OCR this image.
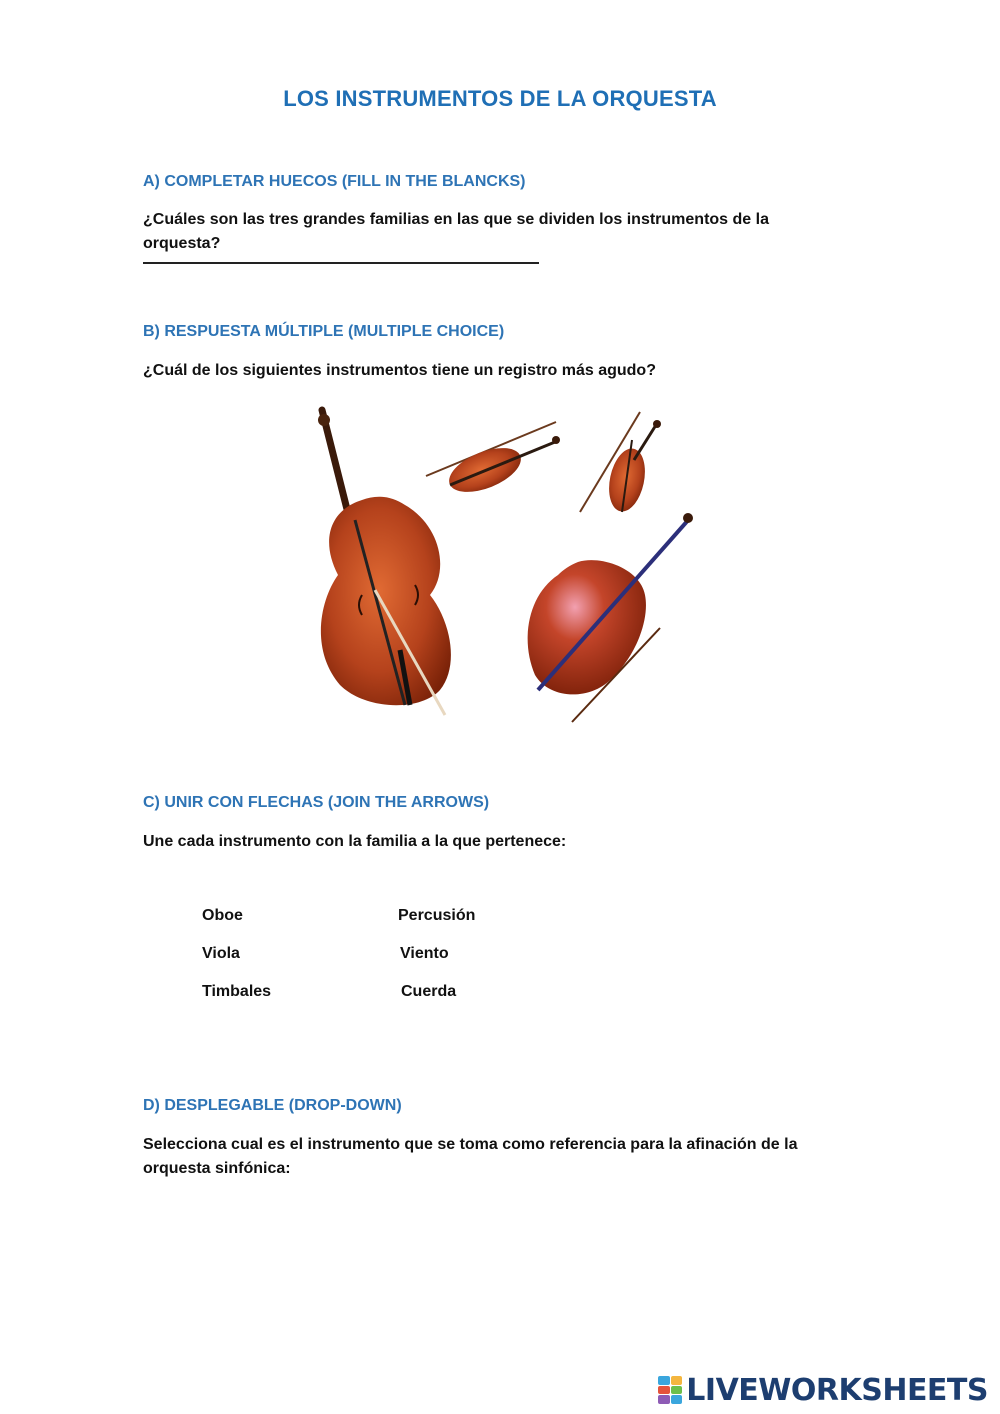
LOS INSTRUMENTOS DE LA ORQUESTA
A) COMPLETAR HUECOS (FILL IN THE BLANCKS)
¿Cuáles son las tres grandes familias en las que se dividen los instrumentos de la orquesta?
B) RESPUESTA MÚLTIPLE (MULTIPLE CHOICE)
¿Cuál de los siguientes instrumentos tiene un registro más agudo?
C) UNIR CON FLECHAS (JOIN THE ARROWS)
Une cada instrumento con la familia a la que pertenece:
Oboe
Viola
Timbales
Percusión
Viento
Cuerda
D) DESPLEGABLE (DROP-DOWN)
Selecciona cual es el instrumento que se toma como referencia para la afinación de la orquesta sinfónica:
LIVEWORKSHEETS
